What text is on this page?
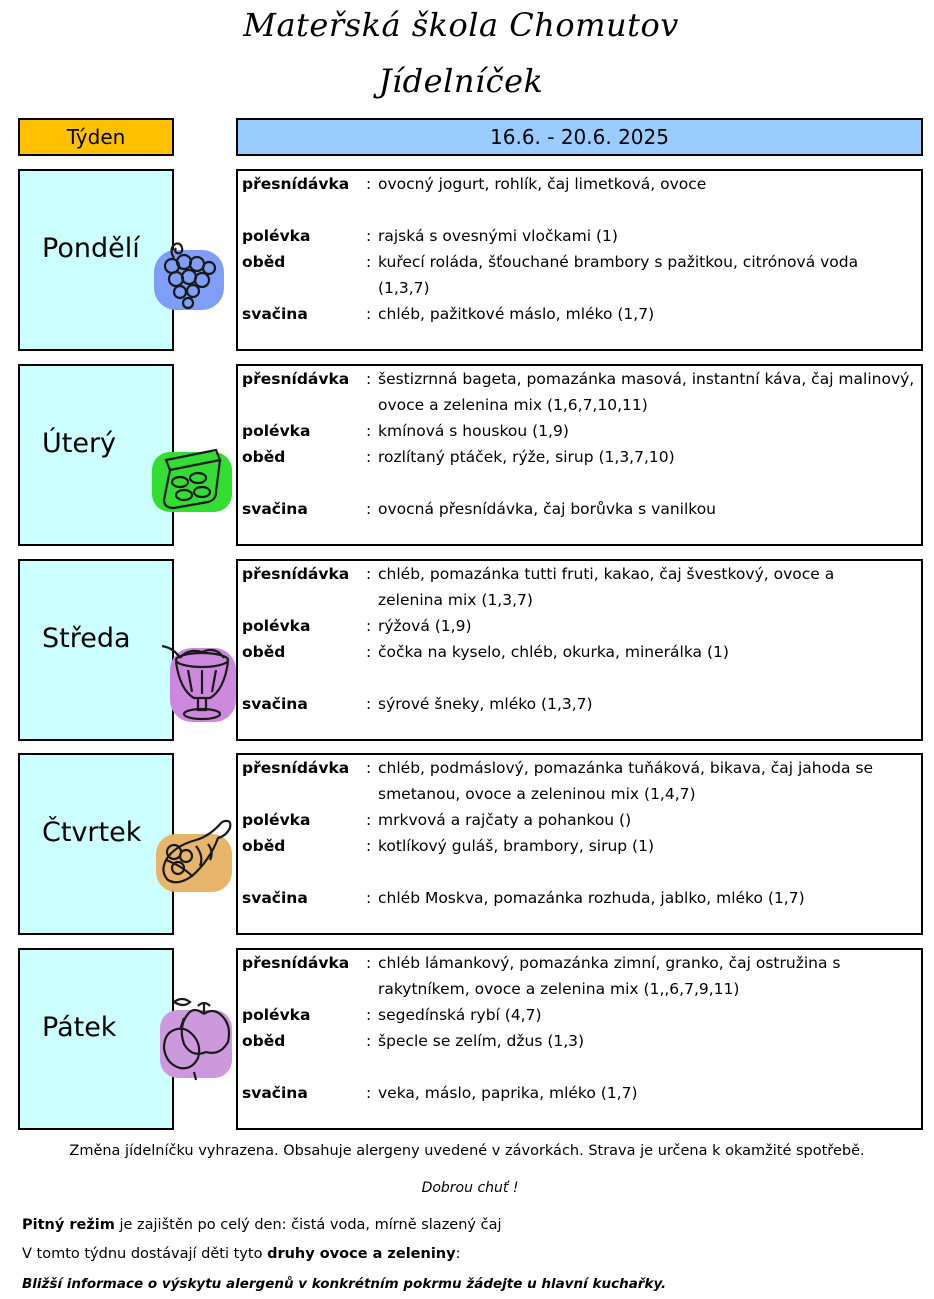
Mateřská škola Chomutov
Jídelníček
Týden	16.6. - 20.6. 2025
Pondělí
přesnídávka : ovocný jogurt, rohlík, čaj limetková, ovoce
polévka	: rajská s ovesnými vločkami (1)
oběd	: kuřecí roláda, šťouchané brambory s pažitkou, citrónová voda
(1,3,7)
svačina	: chléb, pažitkové máslo, mléko (1,7)
Úterý
přesnídávka : šestizrnná bageta, pomazánka masová, instantní káva, čaj malinový,
ovoce a zelenina mix (1,6,7,10,11)
polévka	: kmínová s houskou (1,9)
oběd	: rozlítaný ptáček, rýže, sirup (1,3,7,10)
svačina	: ovocná přesnídávka, čaj borůvka s vanilkou
Středa
přesnídávka : chléb, pomazánka tutti fruti, kakao, čaj švestkový, ovoce a
zelenina mix (1,3,7)
polévka	: rýžová (1,9)
oběd	: čočka na kyselo, chléb, okurka, minerálka (1)
svačina	: sýrové šneky, mléko (1,3,7)
Čtvrtek
přesnídávka : chléb, podmáslový, pomazánka tuňáková, bikava, čaj jahoda se
smetanou, ovoce a zeleninou mix (1,4,7)
polévka	: mrkvová a rajčaty a pohankou ()
oběd	: kotlíkový guláš, brambory, sirup (1)
svačina	: chléb Moskva, pomazánka rozhuda, jablko, mléko (1,7)
Pátek
přesnídávka : chléb lámankový, pomazánka zimní, granko, čaj ostružina s
rakytníkem, ovoce a zelenina mix (1,,6,7,9,11)
polévka	: segedínská rybí (4,7)
oběd	: špecle se zelím, džus (1,3)
svačina	: veka, máslo, paprika, mléko (1,7)
Změna jídelníčku vyhrazena. Obsahuje alergeny uvedené v závorkách. Strava je určena k okamžité spotřebě.
Dobrou chuť !
Pitný režim je zajištěn po celý den: čistá voda, mírně slazený čaj
V tomto týdnu dostávají děti tyto druhy ovoce a zeleniny:
Bližší informace o výskytu alergenů v konkrétním pokrmu žádejte u hlavní kuchařky.
